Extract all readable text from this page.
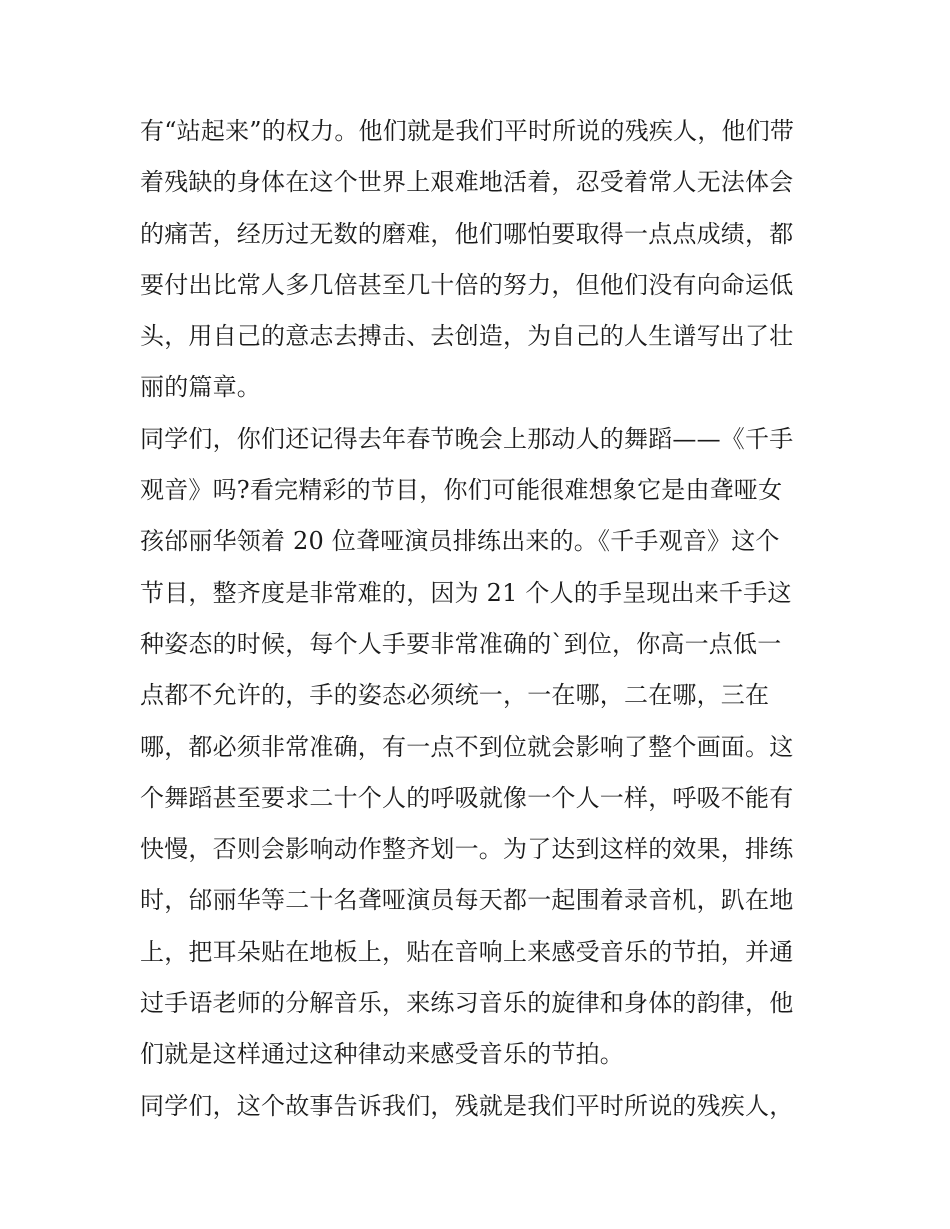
有“站起来”的权力。他们就是我们平时所说的残疾人，他们带
着残缺的身体在这个世界上艰难地活着，忍受着常人无法体会
的痛苦，经历过无数的磨难，他们哪怕要取得一点点成绩，都
要付出比常人多几倍甚至几十倍的努力，但他们没有向命运低
头，用自己的意志去搏击、去创造，为自己的人生谱写出了壮
丽的篇章。
同学们，你们还记得去年春节晚会上那动人的舞蹈——《千手
观音》吗?看完精彩的节目，你们可能很难想象它是由聋哑女
孩邰丽华领着 20 位聋哑演员排练出来的。《千手观音》这个
节目，整齐度是非常难的，因为 21 个人的手呈现出来千手这
种姿态的时候，每个人手要非常准确的`到位，你高一点低一
点都不允许的，手的姿态必须统一，一在哪，二在哪，三在
哪，都必须非常准确，有一点不到位就会影响了整个画面。这
个舞蹈甚至要求二十个人的呼吸就像一个人一样，呼吸不能有
快慢，否则会影响动作整齐划一。为了达到这样的效果，排练
时，邰丽华等二十名聋哑演员每天都一起围着录音机，趴在地
上，把耳朵贴在地板上，贴在音响上来感受音乐的节拍，并通
过手语老师的分解音乐，来练习音乐的旋律和身体的韵律，他
们就是这样通过这种律动来感受音乐的节拍。
同学们，这个故事告诉我们，残就是我们平时所说的残疾人，
